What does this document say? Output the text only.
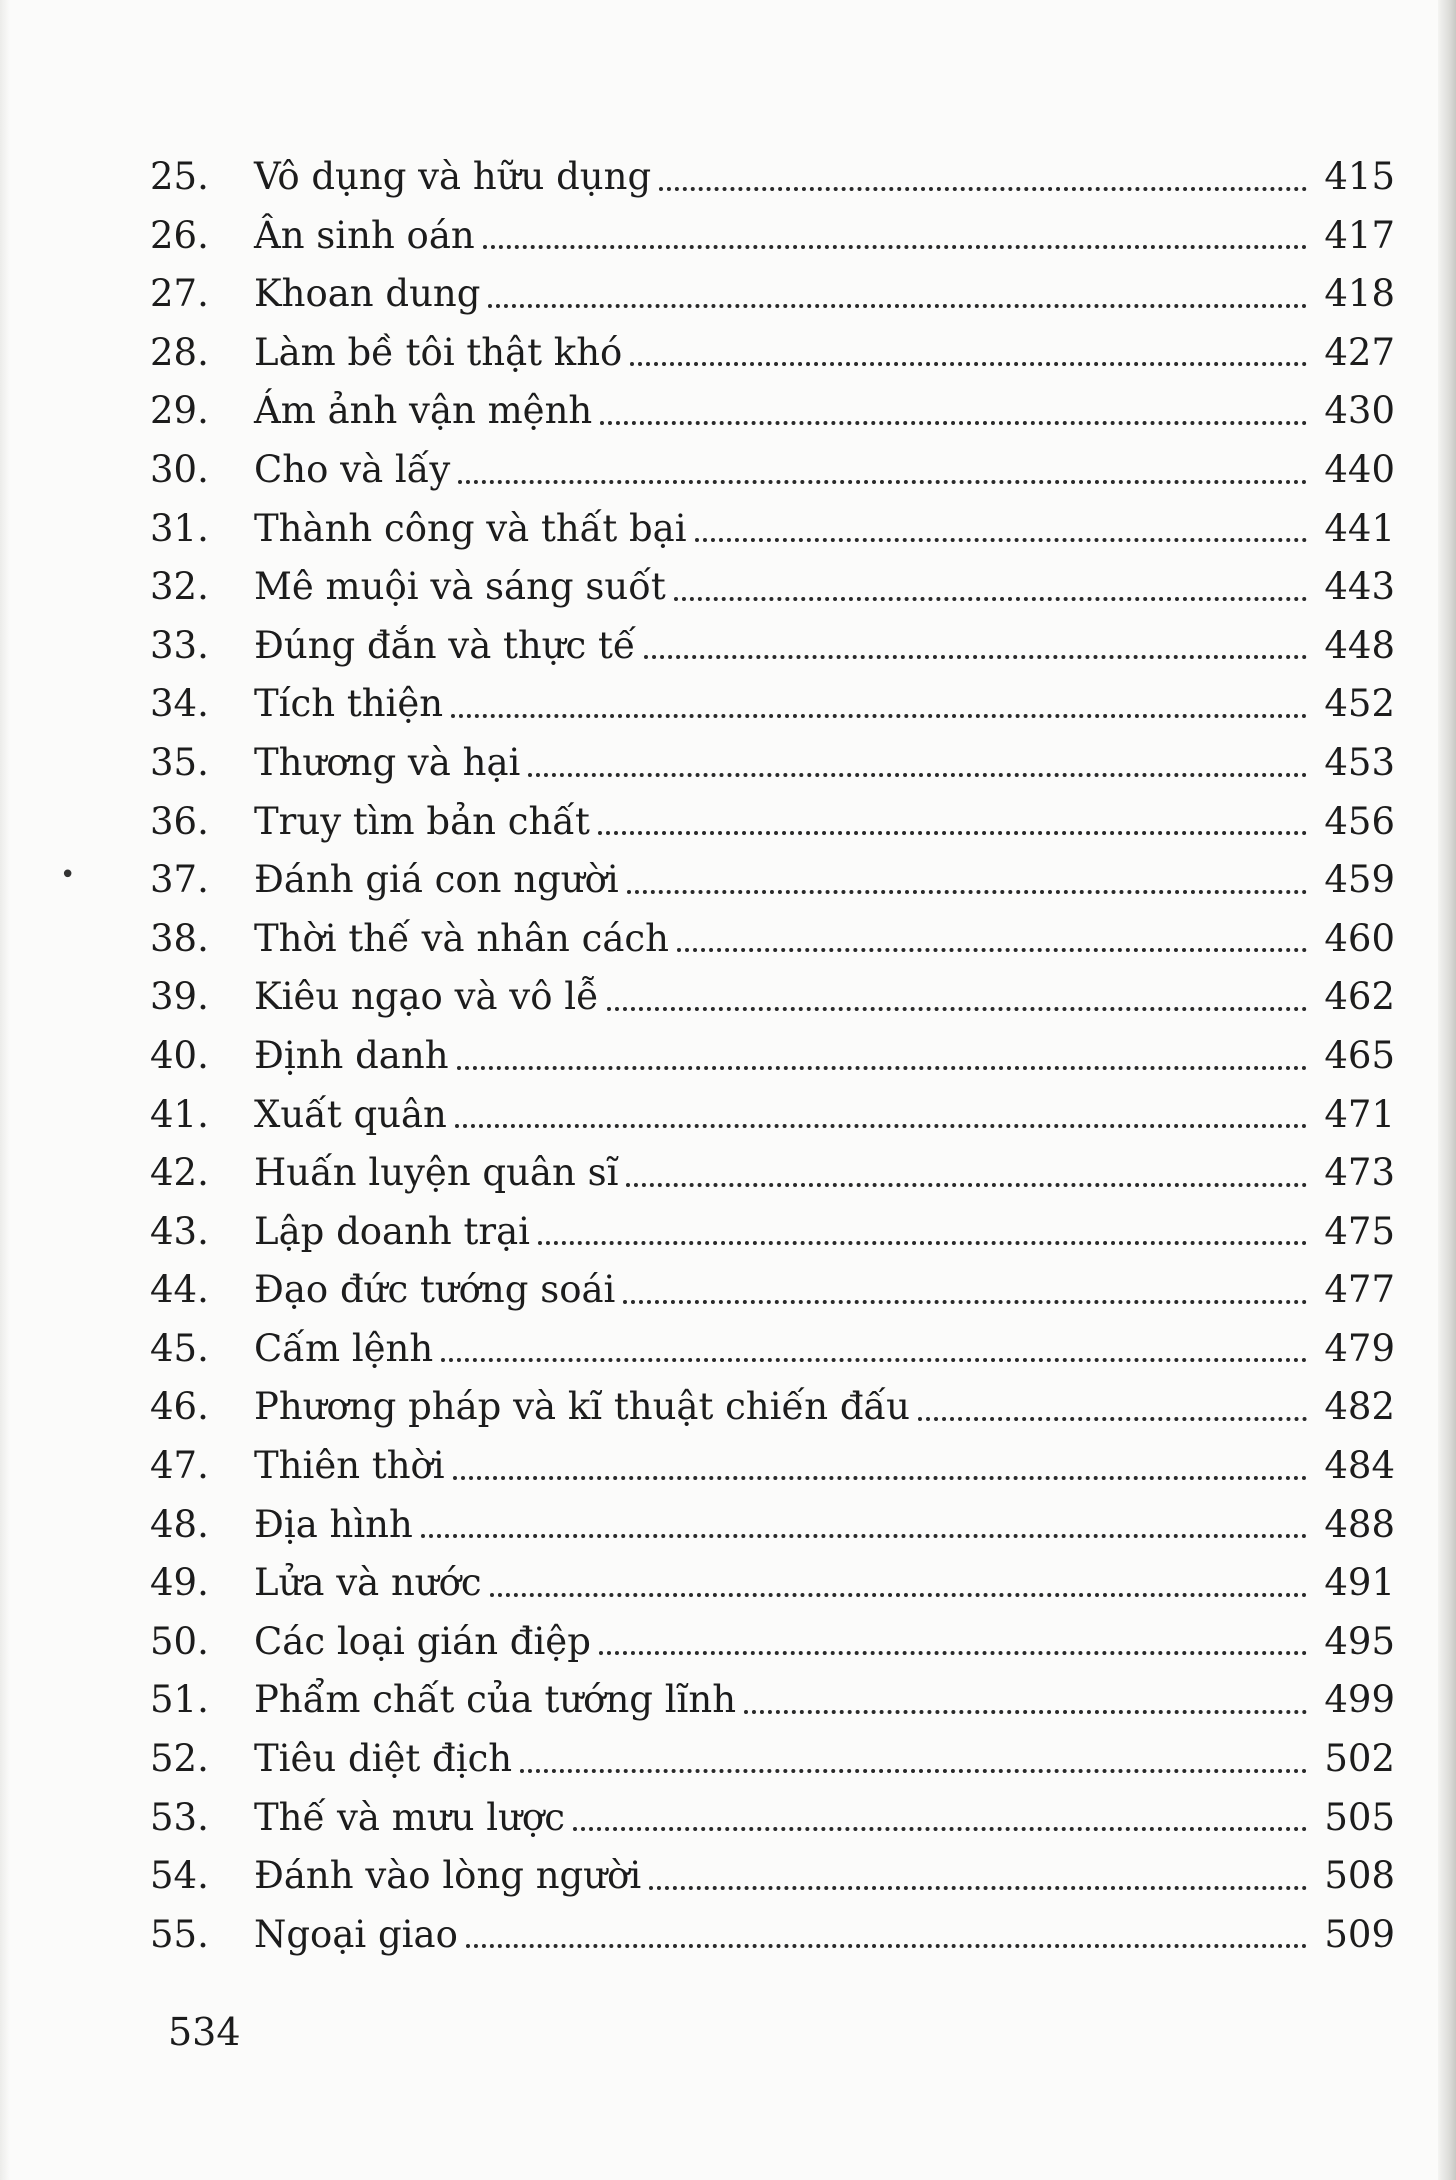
•
25.	Vô dụng và hữu dụng	415
26.	Ân sinh oán	417
27.	Khoan dung	418
28.	Làm bề tôi thật khó	427
29.	Ám ảnh vận mệnh	430
30.	Cho và lấy	440
31.	Thành công và thất bại	441
32.	Mê muội và sáng suốt	443
33.	Đúng đắn và thực tế	448
34.	Tích thiện	452
35.	Thương và hại	453
36.	Truy tìm bản chất	456
37.	Đánh giá con người	459
38.	Thời thế và nhân cách	460
39.	Kiêu ngạo và vô lễ	462
40.	Định danh	465
41.	Xuất quân	471
42.	Huấn luyện quân sĩ	473
43.	Lập doanh trại	475
44.	Đạo đức tướng soái	477
45.	Cấm lệnh	479
46.	Phương pháp và kĩ thuật chiến đấu	482
47.	Thiên thời	484
48.	Địa hình	488
49.	Lửa và nước	491
50.	Các loại gián điệp	495
51.	Phẩm chất của tướng lĩnh	499
52.	Tiêu diệt địch	502
53.	Thế và mưu lược	505
54.	Đánh vào lòng người	508
55.	Ngoại giao	509

534
